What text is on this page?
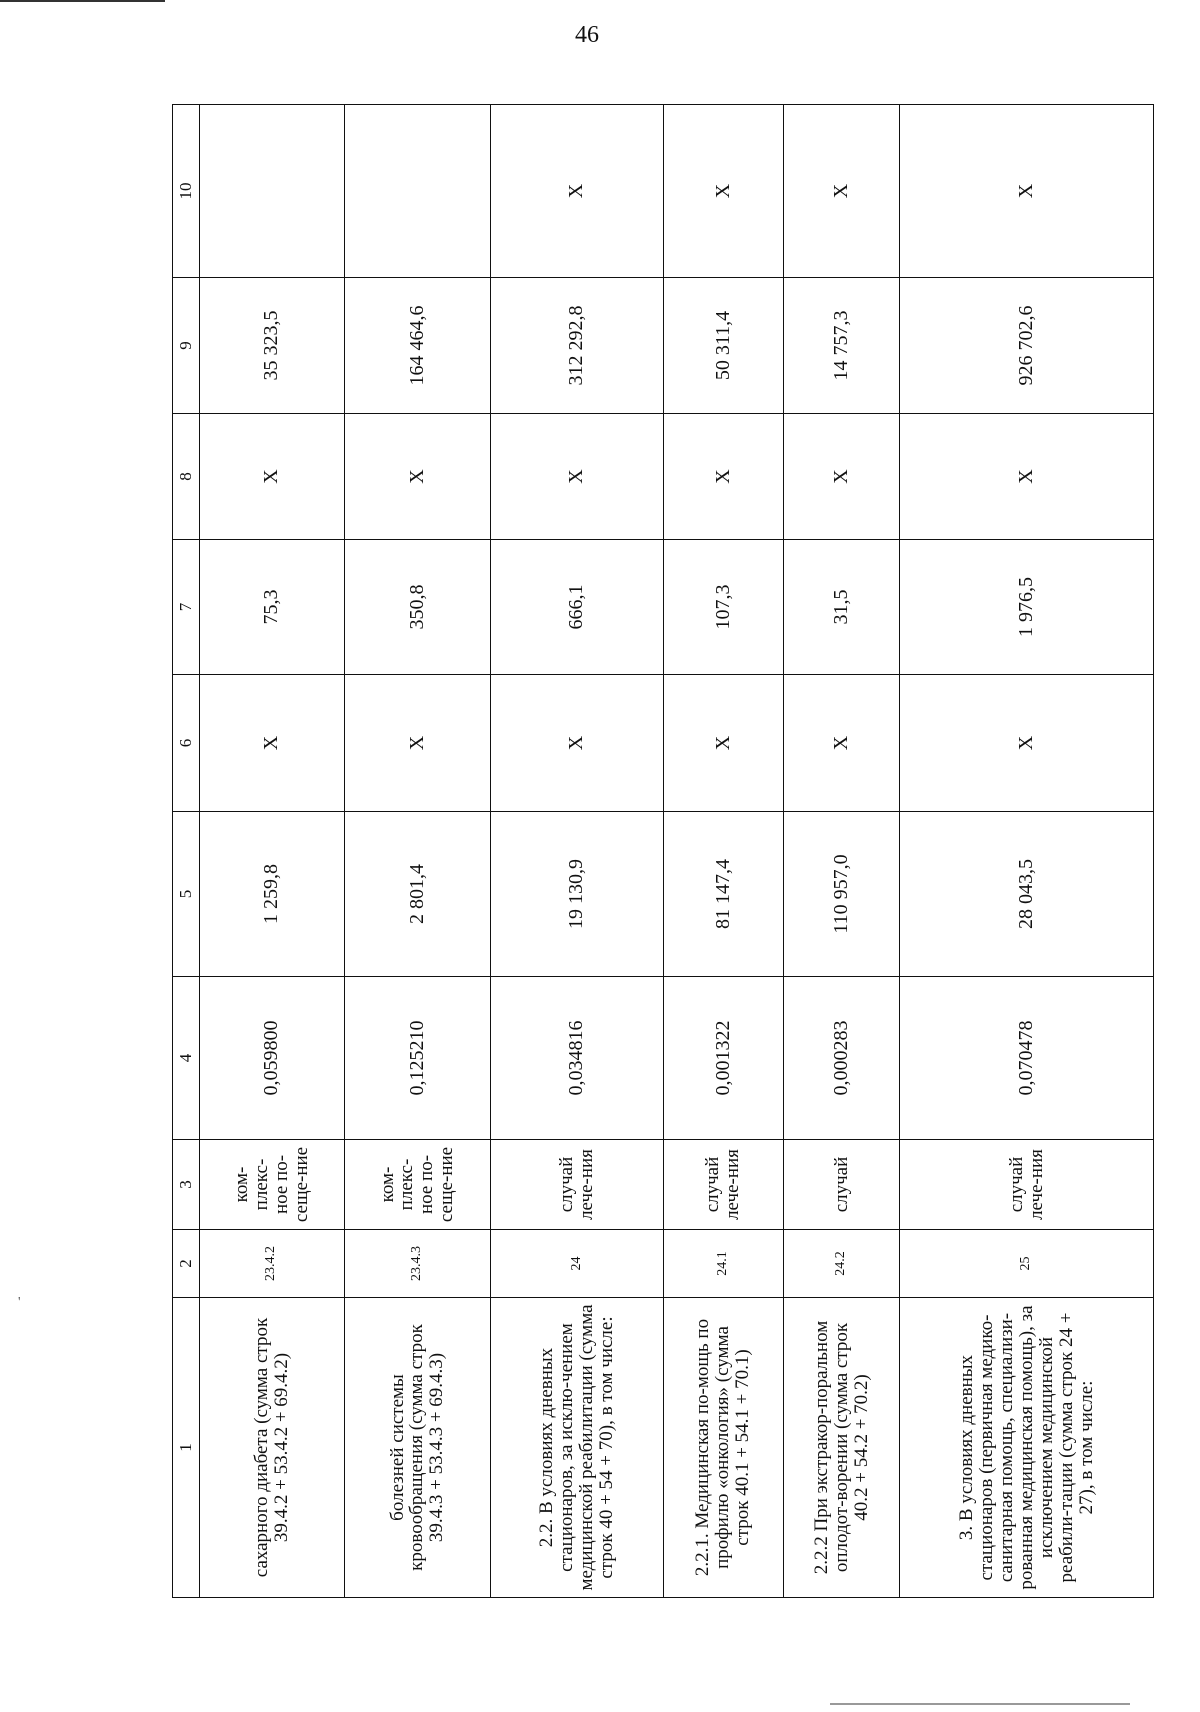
46
'
1	2	3	4	5	6	7	8	9	10
сахарного диабета (сумма строк 39.4.2 + 53.4.2 + 69.4.2)	23.4.2	ком-плекс-ное по-сеще-ние	0,059800	1 259,8	Х	75,3	Х	35 323,5	
болезней системы кровообращения (сумма строк 39.4.3 + 53.4.3 + 69.4.3)	23.4.3	ком-плекс-ное по-сеще-ние	0,125210	2 801,4	Х	350,8	Х	164 464,6	
2.2. В условиях дневных стационаров, за исклю-чением медицинской реабилитации (сумма строк 40 + 54 + 70), в том числе:	24	случай лече-ния	0,034816	19 130,9	Х	666,1	Х	312 292,8	Х
2.2.1. Медицинская по-мощь по профилю «онкология» (сумма строк 40.1 + 54.1 + 70.1)	24.1	случай лече-ния	0,001322	81 147,4	Х	107,3	Х	50 311,4	Х
2.2.2 При экстракор-поральном оплодот-ворении (сумма строк 40.2 + 54.2 + 70.2)	24.2	случай	0,000283	110 957,0	Х	31,5	Х	14 757,3	Х
3. В условиях дневных стационаров (первичная медико-санитарная помощь, специализи-рованная медицинская помощь), за исключением медицинской реабили-тации (сумма строк 24 + 27), в том числе:	25	случай лече-ния	0,070478	28 043,5	Х	1 976,5	Х	926 702,6	Х
